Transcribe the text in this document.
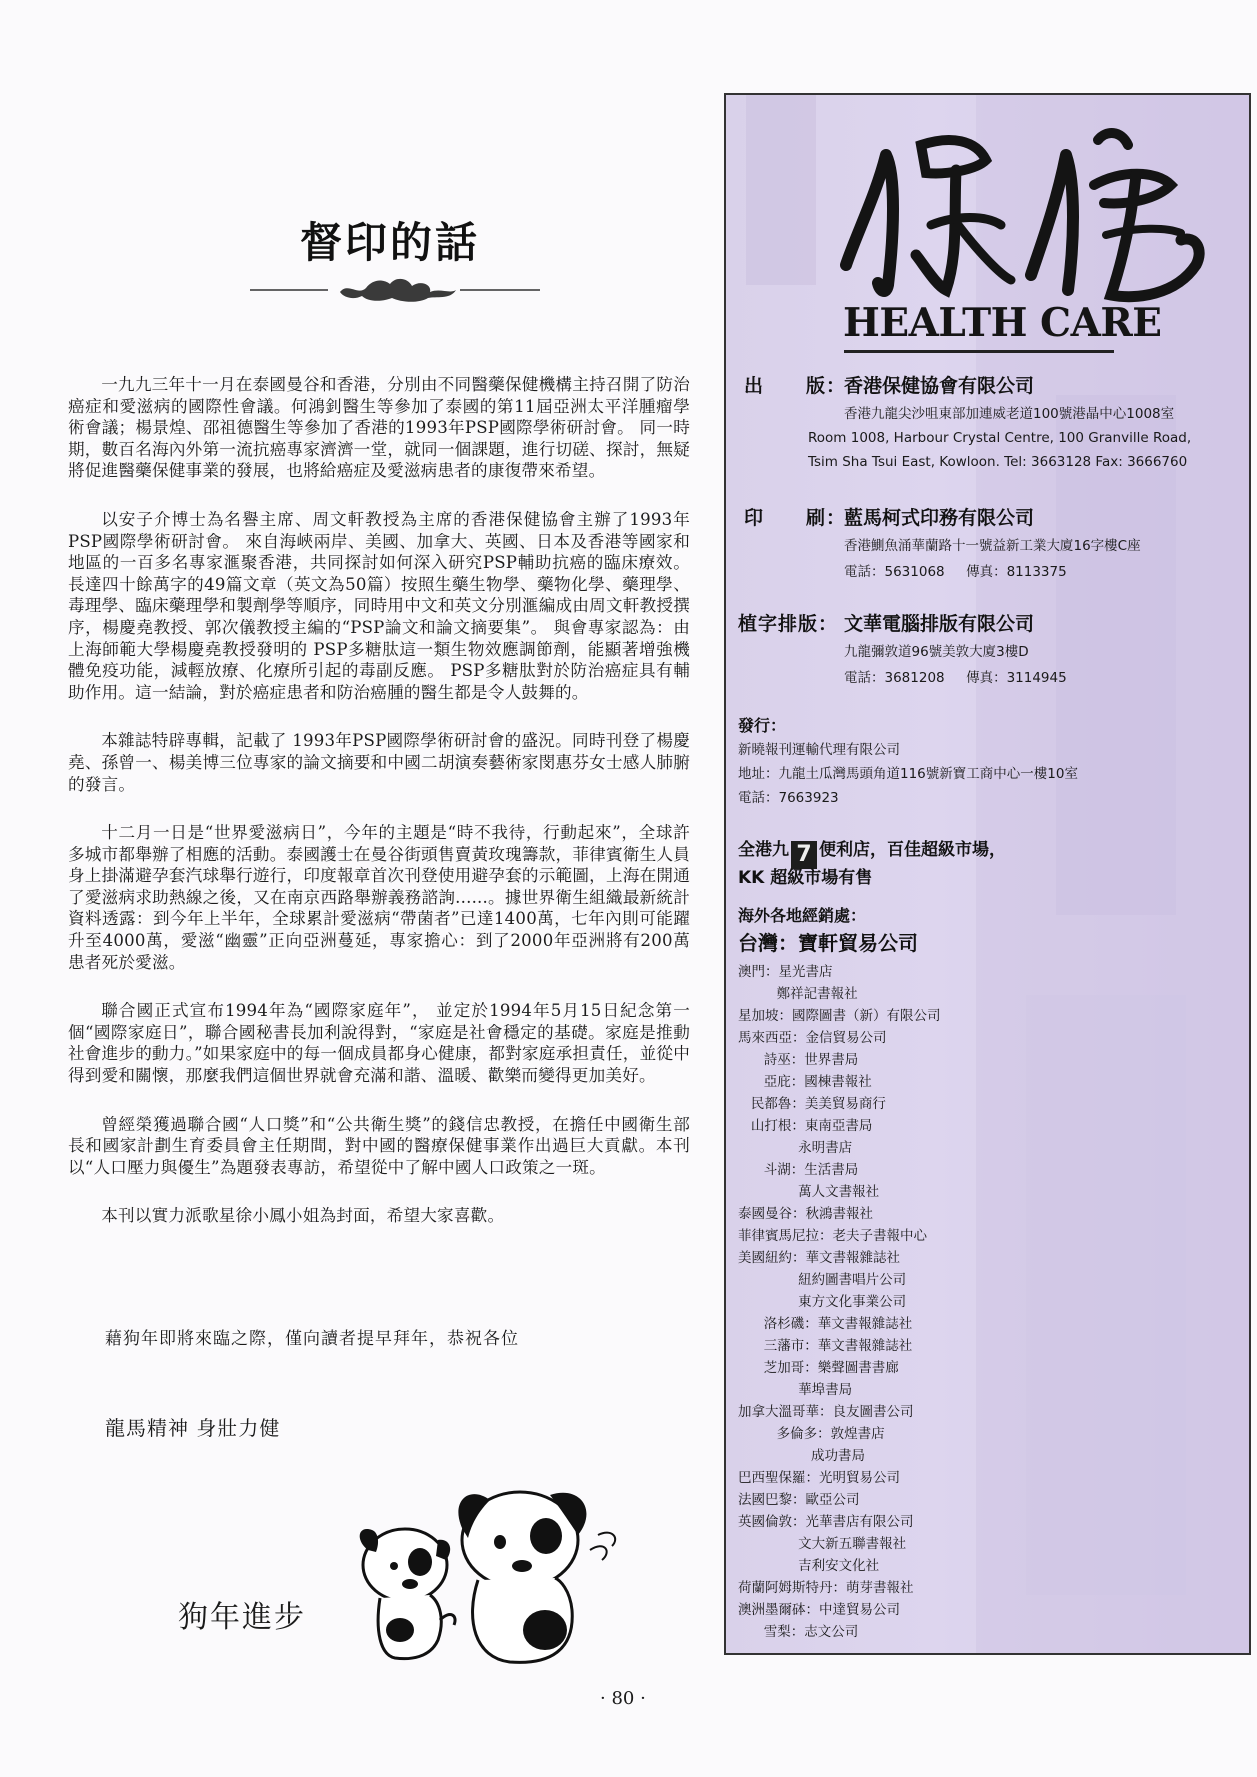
督印的話

一九九三年十一月在泰國曼谷和香港，分別由不同醫藥保健機構主持召開了防治癌症和愛滋病的國際性會議。何鴻釗醫生等參加了泰國的第11屆亞洲太平洋腫瘤學術會議；楊景煌、邵祖德醫生等參加了香港的1993年PSP國際學術研討會。 同一時期，數百名海內外第一流抗癌專家濟濟一堂，就同一個課題，進行切磋、探討，無疑將促進醫藥保健事業的發展，也將給癌症及愛滋病患者的康復帶來希望。

以安子介博士為名譽主席、周文軒教授為主席的香港保健協會主辦了1993年PSP國際學術研討會。 來自海峽兩岸、美國、加拿大、英國、日本及香港等國家和地區的一百多名專家滙聚香港，共同探討如何深入研究PSP輔助抗癌的臨床療效。 長達四十餘萬字的49篇文章（英文為50篇）按照生藥生物學、藥物化學、藥理學、毒理學、臨床藥理學和製劑學等順序，同時用中文和英文分別滙編成由周文軒教授撰序，楊慶堯教授、郭次儀教授主編的“PSP論文和論文摘要集”。 與會專家認為：由上海師範大學楊慶堯教授發明的 PSP多糖肽這一類生物效應調節劑，能顯著增強機體免疫功能，減輕放療、化療所引起的毒副反應。 PSP多糖肽對於防治癌症具有輔助作用。這一結論，對於癌症患者和防治癌腫的醫生都是令人鼓舞的。

本雜誌特辟專輯，記載了 1993年PSP國際學術研討會的盛況。同時刊登了楊慶堯、孫曾一、楊美博三位專家的論文摘要和中國二胡演奏藝術家閔惠芬女士感人肺腑的發言。

十二月一日是“世界愛滋病日”，今年的主題是“時不我待，行動起來”，全球許多城市都舉辦了相應的活動。泰國護士在曼谷街頭售賣黃玫瑰籌款，菲律賓衛生人員身上掛滿避孕套汽球舉行遊行，印度報章首次刊登使用避孕套的示範圖，上海在開通了愛滋病求助熱線之後，又在南京西路舉辦義務諮詢......。據世界衛生組織最新統計資料透露：到今年上半年，全球累計愛滋病“帶菌者”已達1400萬，七年內則可能躍升至4000萬，愛滋“幽靈”正向亞洲蔓延，專家擔心：到了2000年亞洲將有200萬患者死於愛滋。

聯合國正式宣布1994年為“國際家庭年”， 並定於1994年5月15日紀念第一個“國際家庭日”，聯合國秘書長加利說得對，“家庭是社會穩定的基礎。家庭是推動社會進步的動力。”如果家庭中的每一個成員都身心健康，都對家庭承担責任，並從中得到愛和關懷，那麼我們這個世界就會充滿和諧、溫暖、歡樂而變得更加美好。

曾經榮獲過聯合國“人口獎”和“公共衛生獎”的錢信忠教授，在擔任中國衛生部長和國家計劃生育委員會主任期間，對中國的醫療保健事業作出過巨大貢獻。本刊以“人口壓力與優生”為題發表專訪，希望從中了解中國人口政策之一斑。

本刊以實力派歌星徐小鳳小姐為封面，希望大家喜歡。

藉狗年即將來臨之際，僅向讀者提早拜年，恭祝各位
龍馬精神 身壯力健
狗年進步
· 80 ·
HEALTH CARE
出 版：
香港保健協會有限公司
香港九龍尖沙咀東部加連威老道100號港晶中心1008室
Room 1008, Harbour Crystal Centre, 100 Granville Road,
Tsim Sha Tsui East, Kowloon. Tel: 3663128 Fax: 3666760
印 刷：
藍馬柯式印務有限公司
香港鰂魚涌華蘭路十一號益新工業大廈16字樓C座
電話：5631068     傳真：8113375
植字排版： 文華電腦排版有限公司
九龍彌敦道96號美敦大廈3樓D
電話：3681208     傳真：3114945
發行：
新曉報刊運輸代理有限公司
地址：九龍土瓜灣馬頭角道116號新寶工商中心一樓10室
電話：7663923
全港九 7 便利店，百佳超級市場，
KK 超級市場有售
海外各地經銷處：
台灣：寶軒貿易公司
澳門：星光書店
鄭祥記書報社
星加坡：國際圖書（新）有限公司
馬來西亞：金信貿易公司
詩巫：世界書局
亞庇：國棟書報社
民都魯：美美貿易商行
山打根：東南亞書局
永明書店
斗湖：生活書局
萬人文書報社
泰國曼谷：秋鴻書報社
菲律賓馬尼拉：老夫子書報中心
美國紐約：華文書報雜誌社
紐約圖書唱片公司
東方文化事業公司
洛杉磯：華文書報雜誌社
三藩市：華文書報雜誌社
芝加哥：樂聲圖書書廊
華埠書局
加拿大溫哥華：良友圖書公司
多倫多：敦煌書店
成功書局
巴西聖保羅：光明貿易公司
法國巴黎：歐亞公司
英國倫敦：光華書店有限公司
文大新五聯書報社
吉利安文化社
荷蘭阿姆斯特丹：萌芽書報社
澳洲墨爾砵：中達貿易公司
雪梨：志文公司
